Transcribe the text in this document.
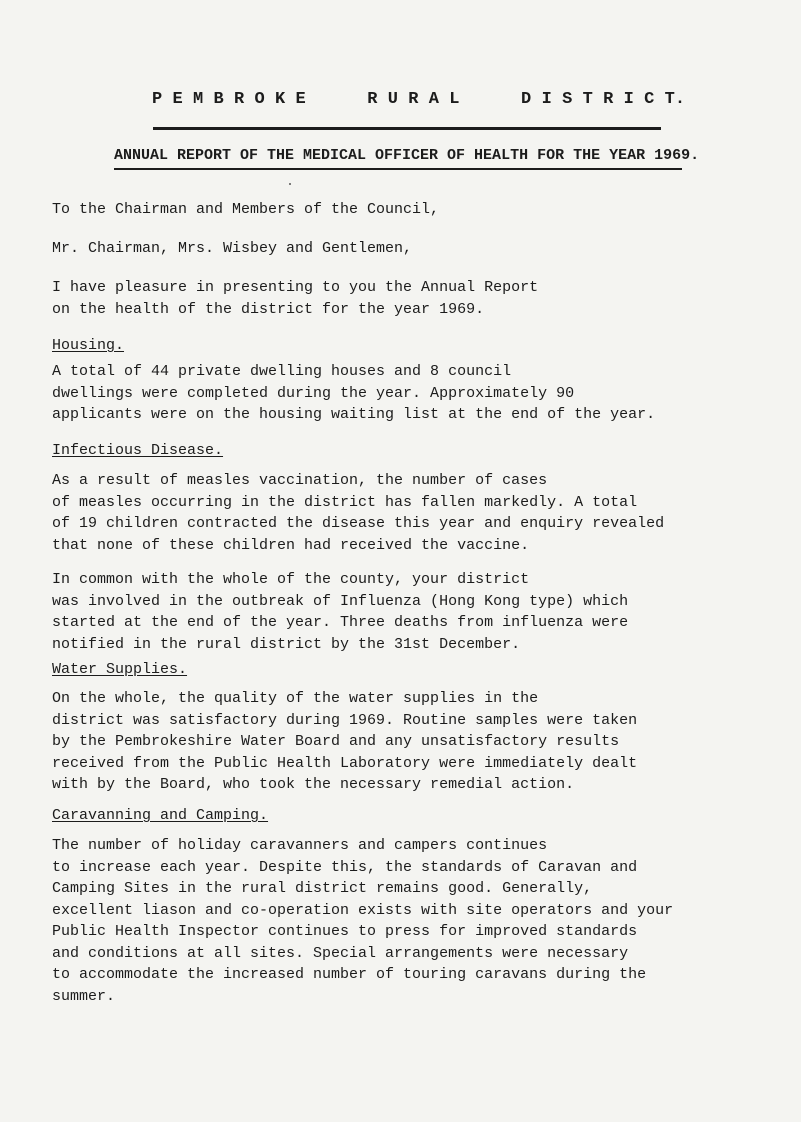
P E M B R O K E      R U R A L      D I S T R I C T.
ANNUAL REPORT OF THE MEDICAL OFFICER OF HEALTH FOR THE YEAR 1969.
To the Chairman and Members of the Council,
Mr. Chairman, Mrs. Wisbey and Gentlemen,

I have pleasure in presenting to you the Annual Report
on the health of the district for the year 1969.

Housing.

A total of 44 private dwelling houses and 8 council
dwellings were completed during the year. Approximately 90
applicants were on the housing waiting list at the end of the year.

Infectious Disease.

As a result of measles vaccination, the number of cases
of measles occurring in the district has fallen markedly. A total
of 19 children contracted the disease this year and enquiry revealed
that none of these children had received the vaccine.

In common with the whole of the county, your district
was involved in the outbreak of Influenza (Hong Kong type) which
started at the end of the year. Three deaths from influenza were
notified in the rural district by the 31st December.

Water Supplies.

On the whole, the quality of the water supplies in the
district was satisfactory during 1969. Routine samples were taken
by the Pembrokeshire Water Board and any unsatisfactory results
received from the Public Health Laboratory were immediately dealt
with by the Board, who took the necessary remedial action.

Caravanning and Camping.

The number of holiday caravanners and campers continues
to increase each year. Despite this, the standards of Caravan and
Camping Sites in the rural district remains good. Generally,
excellent liason and co-operation exists with site operators and your
Public Health Inspector continues to press for improved standards
and conditions at all sites. Special arrangements were necessary
to accommodate the increased number of touring caravans during the
summer.
